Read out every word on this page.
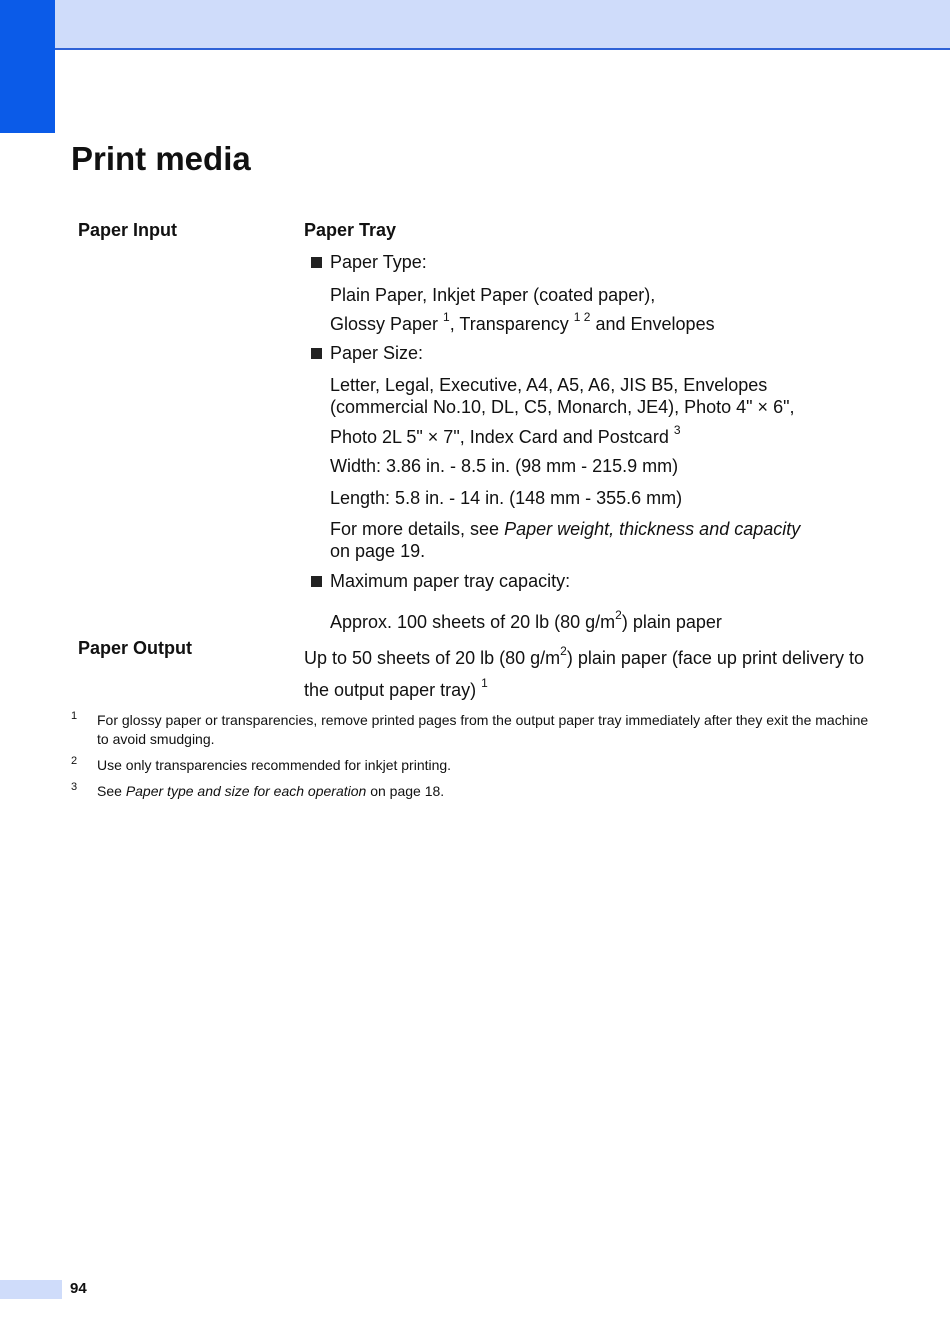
Print media
Paper Input	Paper Tray
Paper Type:
Plain Paper, Inkjet Paper (coated paper),
Glossy Paper $^1$, Transparency $^{1 2}$ and Envelopes
Paper Size:
Letter, Legal, Executive, A4, A5, A6, JIS B5, Envelopes
(commercial No.10, DL, C5, Monarch, JE4), Photo 4" × 6",
Photo 2L 5" × 7", Index Card and Postcard $^3$
Width: 3.86 in. - 8.5 in. (98 mm - 215.9 mm)
Length: 5.8 in. - 14 in. (148 mm - 355.6 mm)
For more details, see Paper weight, thickness and capacity
on page 19.
Maximum paper tray capacity:
Approx. 100 sheets of 20 lb (80 $g/m^2$) plain paper
Paper Output	Up to 50 sheets of 20 lb (80 $g/m^2$) plain paper (face up print delivery to the output paper tray) $^1$
1 For glossy paper or transparencies, remove printed pages from the output paper tray immediately after they exit the machine to avoid smudging.
2 Use only transparencies recommended for inkjet printing.
3 See Paper type and size for each operation on page 18.
94
